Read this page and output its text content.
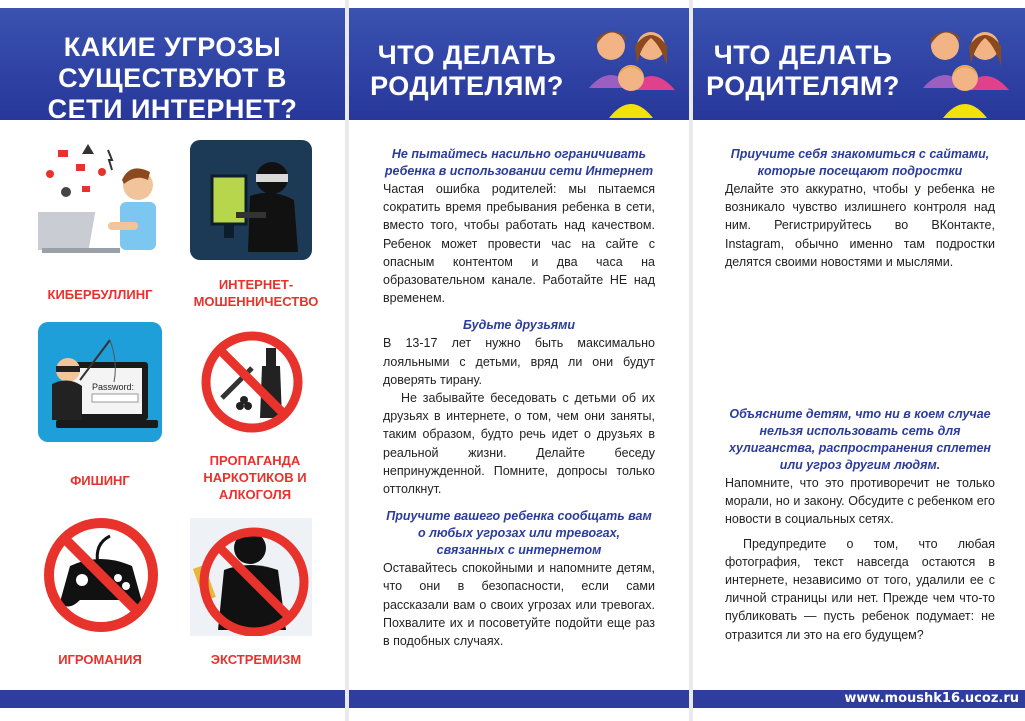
КАКИЕ УГРОЗЫ СУЩЕСТВУЮТ В СЕТИ ИНТЕРНЕТ?
КИБЕРБУЛЛИНГ
ИНТЕРНЕТ-МОШЕННИЧЕСТВО
Password:
ФИШИНГ
ПРОПАГАНДА НАРКОТИКОВ И АЛКОГОЛЯ
ИГРОМАНИЯ	ЭКСТРЕМИЗМ
ЧТО ДЕЛАТЬ РОДИТЕЛЯМ?

Не пытайтесь насильно ограничивать ребенка в использовании сети Интернет

Частая ошибка родителей: мы пытаемся сократить время пребывания ребенка в сети, вместо того, чтобы работать над качеством. Ребенок может провести час на сайте с опасным контентом и два часа на образовательном канале. Работайте НЕ над временем.

Будьте друзьями

В 13-17 лет нужно быть максимально лояльными с детьми, вряд ли они будут доверять тирану.

Не забывайте беседовать с детьми об их друзьях в интернете, о том, чем они заняты, таким образом, будто речь идет о друзьях в реальной жизни. Делайте беседу непринужденной. Помните, допросы только оттолкнут.

Приучите вашего ребенка сообщать вам о любых угрозах или тревогах, связанных с интернетом

Оставайтесь спокойными и напомните детям, что они в безопасности, если сами рассказали вам о своих угрозах или тревогах. Похвалите их и посоветуйте подойти еще раз в подобных случаях.

ЧТО ДЕЛАТЬ РОДИТЕЛЯМ?

Приучите себя знакомиться с сайтами, которые посещают подростки

Делайте это аккуратно, чтобы у ребенка не возникало чувство излишнего контроля над ним. Регистрируйтесь во ВКонтакте, Instagram, обычно именно там подростки делятся своими новостями и мыслями.

Объясните детям, что ни в коем случае нельзя использовать сеть для хулиганства, распространения сплетен или угроз другим людям.

Напомните, что это противоречит не только морали, но и закону. Обсудите с ребенком его новости в социальных сетях.

Предупредите о том, что любая фотография, текст навсегда остаются в интернете, независимо от того, удалили ее с личной страницы или нет. Прежде чем что-то публиковать — пусть ребенок подумает: не отразится ли это на его будущем?

www.moushk16.ucoz.ru
